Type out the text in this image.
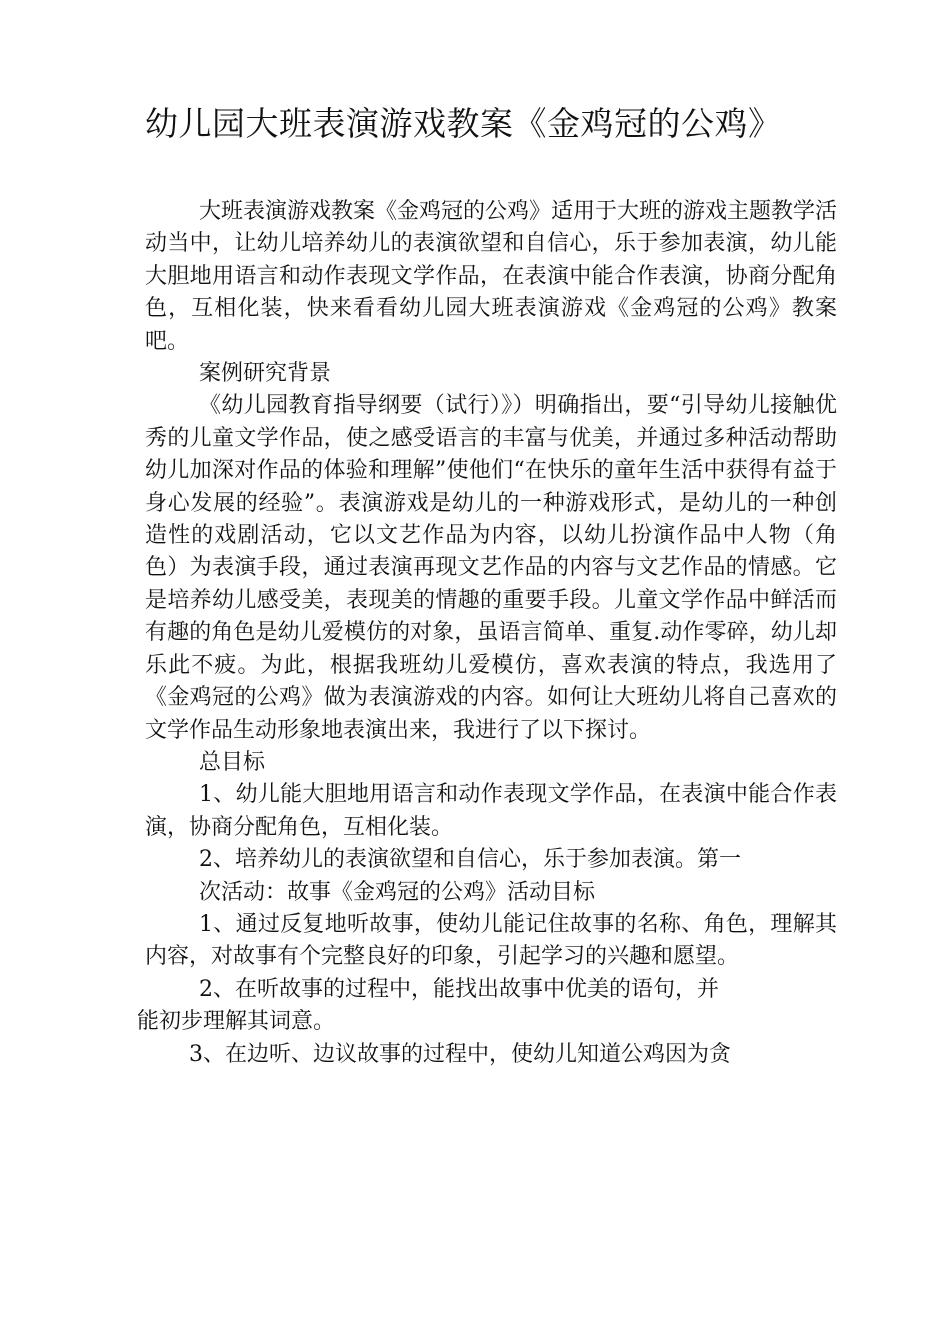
幼儿园大班表演游戏教案《金鸡冠的公鸡》

大班表演游戏教案《金鸡冠的公鸡》适用于大班的游戏主题教学活动当中，让幼儿培养幼儿的表演欲望和自信心，乐于参加表演，幼儿能大胆地用语言和动作表现文学作品，在表演中能合作表演，协商分配角色，互相化装，快来看看幼儿园大班表演游戏《金鸡冠的公鸡》教案吧。

案例研究背景

《幼儿园教育指导纲要（试行）》）明确指出，要“引导幼儿接触优秀的儿童文学作品，使之感受语言的丰富与优美，并通过多种活动帮助幼儿加深对作品的体验和理解”使他们“在快乐的童年生活中获得有益于身心发展的经验”。表演游戏是幼儿的一种游戏形式，是幼儿的一种创造性的戏剧活动，它以文艺作品为内容，以幼儿扮演作品中人物（角色）为表演手段，通过表演再现文艺作品的内容与文艺作品的情感。它是培养幼儿感受美，表现美的情趣的重要手段。儿童文学作品中鲜活而有趣的角色是幼儿爱模仿的对象，虽语言简单、重复.动作零碎，幼儿却乐此不疲。为此，根据我班幼儿爱模仿，喜欢表演的特点，我选用了《金鸡冠的公鸡》做为表演游戏的内容。如何让大班幼儿将自己喜欢的文学作品生动形象地表演出来，我进行了以下探讨。

总目标

1、幼儿能大胆地用语言和动作表现文学作品，在表演中能合作表演，协商分配角色，互相化装。

2、培养幼儿的表演欲望和自信心，乐于参加表演。第一

次活动：故事《金鸡冠的公鸡》活动目标

1、通过反复地听故事，使幼儿能记住故事的名称、角色，理解其内容，对故事有个完整良好的印象，引起学习的兴趣和愿望。

2、在听故事的过程中，能找出故事中优美的语句，并

能初步理解其词意。

3、在边听、边议故事的过程中，使幼儿知道公鸡因为贪
